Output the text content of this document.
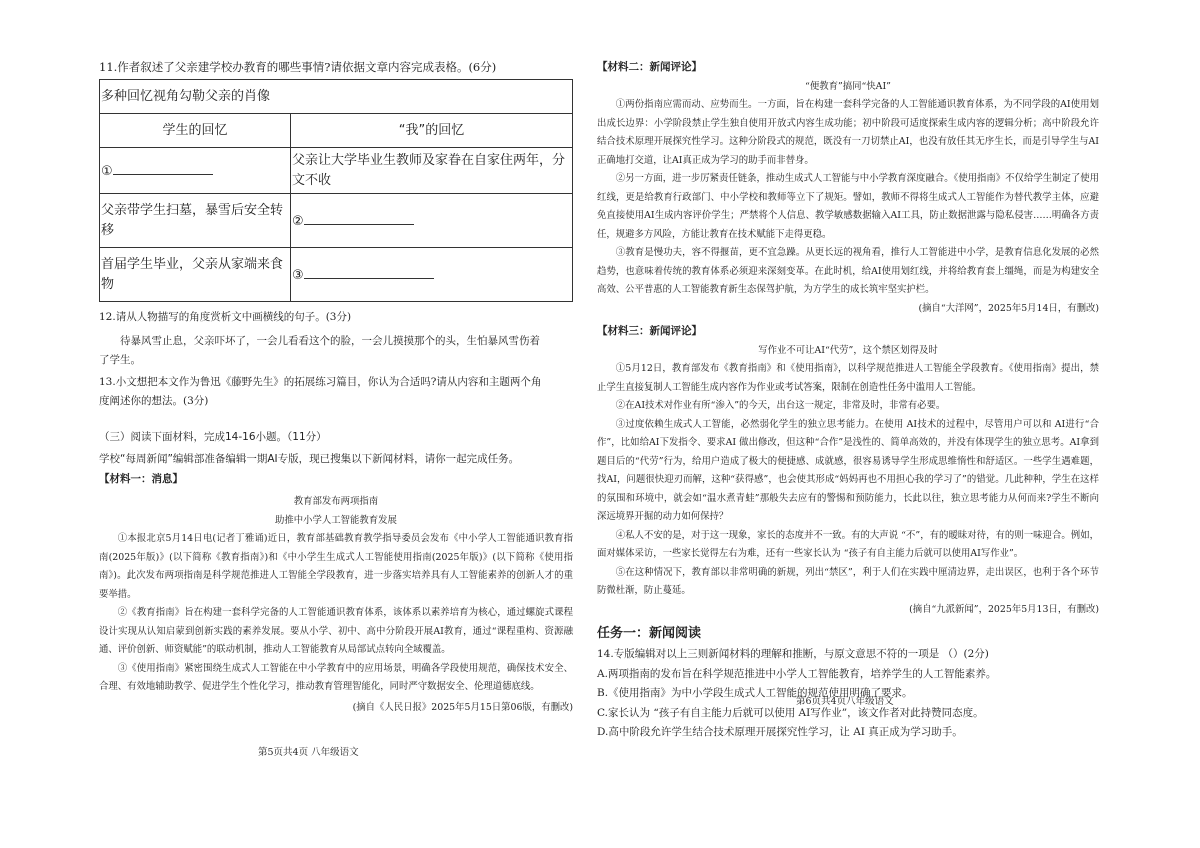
11.作者叙述了父亲建学校办教育的哪些事情?请依据文章内容完成表格。(6分)

多种回忆视角勾勒父亲的肖像	
学生的回忆	“我”的回忆
①	父亲让大学毕业生教师及家眷在自家住两年，分文不收
父亲带学生扫墓，暴雪后安全转移	②
首届学生毕业，父亲从家端来食物	③

12.请从人物描写的角度赏析文中画横线的句子。(3分)

待暴风雪止息，父亲吓坏了，一会儿看看这个的脸，一会儿摸摸那个的头，生怕暴风雪伤着

了学生。

13.小文想把本文作为鲁迅《藤野先生》的拓展练习篇目，你认为合适吗?请从内容和主题两个角

度阐述你的想法。(3分)

（三）阅读下面材料，完成14-16小题。（11分）

学校“每周新闻”编辑部准备编辑一期AI专版，现已搜集以下新闻材料，请你一起完成任务。

【材料一：消息】

教育部发布两项指南

助推中小学人工智能教育发展

①本报北京5月14日电(记者丁雅诵)近日，教育部基础教育教学指导委员会发布《中小学人工智能通识教育指南(2025年版)》(以下简称《教育指南》)和《中小学生生成式人工智能使用指南(2025年版)》(以下简称《使用指南》)。此次发布两项指南是科学规范推进人工智能全学段教育，进一步落实培养具有人工智能素养的创新人才的重要举措。

②《教育指南》旨在构建一套科学完备的人工智能通识教育体系，该体系以素养培育为核心，通过螺旋式课程设计实现从认知启蒙到创新实践的素养发展。要从小学、初中、高中分阶段开展AI教育，通过“课程重构、资源融通、评价创新、师资赋能”的联动机制，推动人工智能教育从局部试点转向全域覆盖。

③《使用指南》紧密围绕生成式人工智能在中小学教育中的应用场景，明确各学段使用规范，确保技术安全、合理、有效地辅助教学、促进学生个性化学习，推动教育管理智能化，同时严守数据安全、伦理道德底线。

(摘自《人民日报》2025年5月15日第06版，有删改)

第5页共4页 八年级语文

【材料二：新闻评论】

“便教育”搞同“快AI”

①两份指南应需而动、应势而生。一方面，旨在构建一套科学完备的人工智能通识教育体系，为不同学段的AI使用划出成长边界：小学阶段禁止学生独自使用开放式内容生成功能；初中阶段可适度探索生成内容的逻辑分析；高中阶段允许结合技术原理开展探究性学习。这种分阶段式的规范，既没有一刀切禁止AI，也没有放任其无序生长，而是引导学生与AI正确地打交道，让AI真正成为学习的助手而非替身。

②另一方面，进一步厉紧责任链条，推动生成式人工智能与中小学教育深度融合。《使用指南》不仅给学生制定了使用红线，更是给教育行政部门、中小学校和教师等立下了规矩。譬如，教师不得将生成式人工智能作为替代教学主体，应避免直接使用AI生成内容评价学生；严禁将个人信息、教学敏感数据输入AI工具，防止数据泄露与隐私侵害……明确各方责任，规避多方风险，方能让教育在技术赋能下走得更稳。

③教育是慢功夫，容不得揠苗，更不宜急躁。从更长远的视角看，推行人工智能进中小学，是教育信息化发展的必然趋势，也意味着传统的教育体系必须迎来深刻变革。在此时机，给AI使用划红线，并将给教育套上缰绳，而是为构建安全高效、公平普惠的人工智能教育新生态保驾护航，为方学生的成长筑牢坚实护栏。

(摘自“大洋网”，2025年5月14日，有删改)

【材料三：新闻评论】

写作业不可让AI“代劳”，这个禁区划得及时

①5月12日，教育部发布《教育指南》和《使用指南》，以科学规范推进人工智能全学段教育。《使用指南》提出，禁止学生直接复制人工智能生成内容作为作业或考试答案，限制在创造性任务中滥用人工智能。

②在AI技术对作业有所“渗入”的今天，出台这一规定，非常及时，非常有必要。

③过度依赖生成式人工智能，必然弱化学生的独立思考能力。在使用 AI技术的过程中，尽管用户可以和 AI进行“合作”，比如给AI下发指令、要求AI 做出修改，但这种“合作”是浅性的、简单高效的，并没有体现学生的独立思考。AI拿到题目后的“代劳”行为，给用户造成了极大的便捷感、成就感，很容易诱导学生形成思维惰性和舒适区。一些学生遇难题，找AI，问题很快迎刃而解，这种“获得感”，也会使其形成“妈妈再也不用担心我的学习了”的错觉。几此种种，学生在这样的氛围和环境中，就会如“温水煮青蛙”那般失去应有的警惕和预防能力，长此以往，独立思考能力从何而来?学生不断向深远境界开掘的动力如何保持？

④私人不安的是，对于这一现象，家长的态度并不一致。有的大声说 “不”，有的暧昧对待，有的则一味迎合。例如，面对媒体采访，一些家长觉得左右为难，还有一些家长认为 “孩子有自主能力后就可以使用AI写作业”。

⑤在这种情况下，教育部以非常明确的新规，列出“禁区”，利于人们在实践中厘清边界，走出误区，也利于各个环节防微杜渐，防止蔓延。

(摘自“九派新闻”，2025年5月13日，有删改)

任务一：新闻阅读

14.专版编辑对以上三则新闻材料的理解和推断，与原文意思不符的一项是 （）(2分)

A.两项指南的发布旨在科学规范推进中小学人工智能教育，培养学生的人工智能素养。

B.《使用指南》为中小学段生成式人工智能的规范使用明确了要求。

C.家长认为 “孩子有自主能力后就可以使用 AI写作业”，该文作者对此持赞同态度。

D.高中阶段允许学生结合技术原理开展探究性学习，让 AI 真正成为学习助手。

第6页共4页八年级语文
